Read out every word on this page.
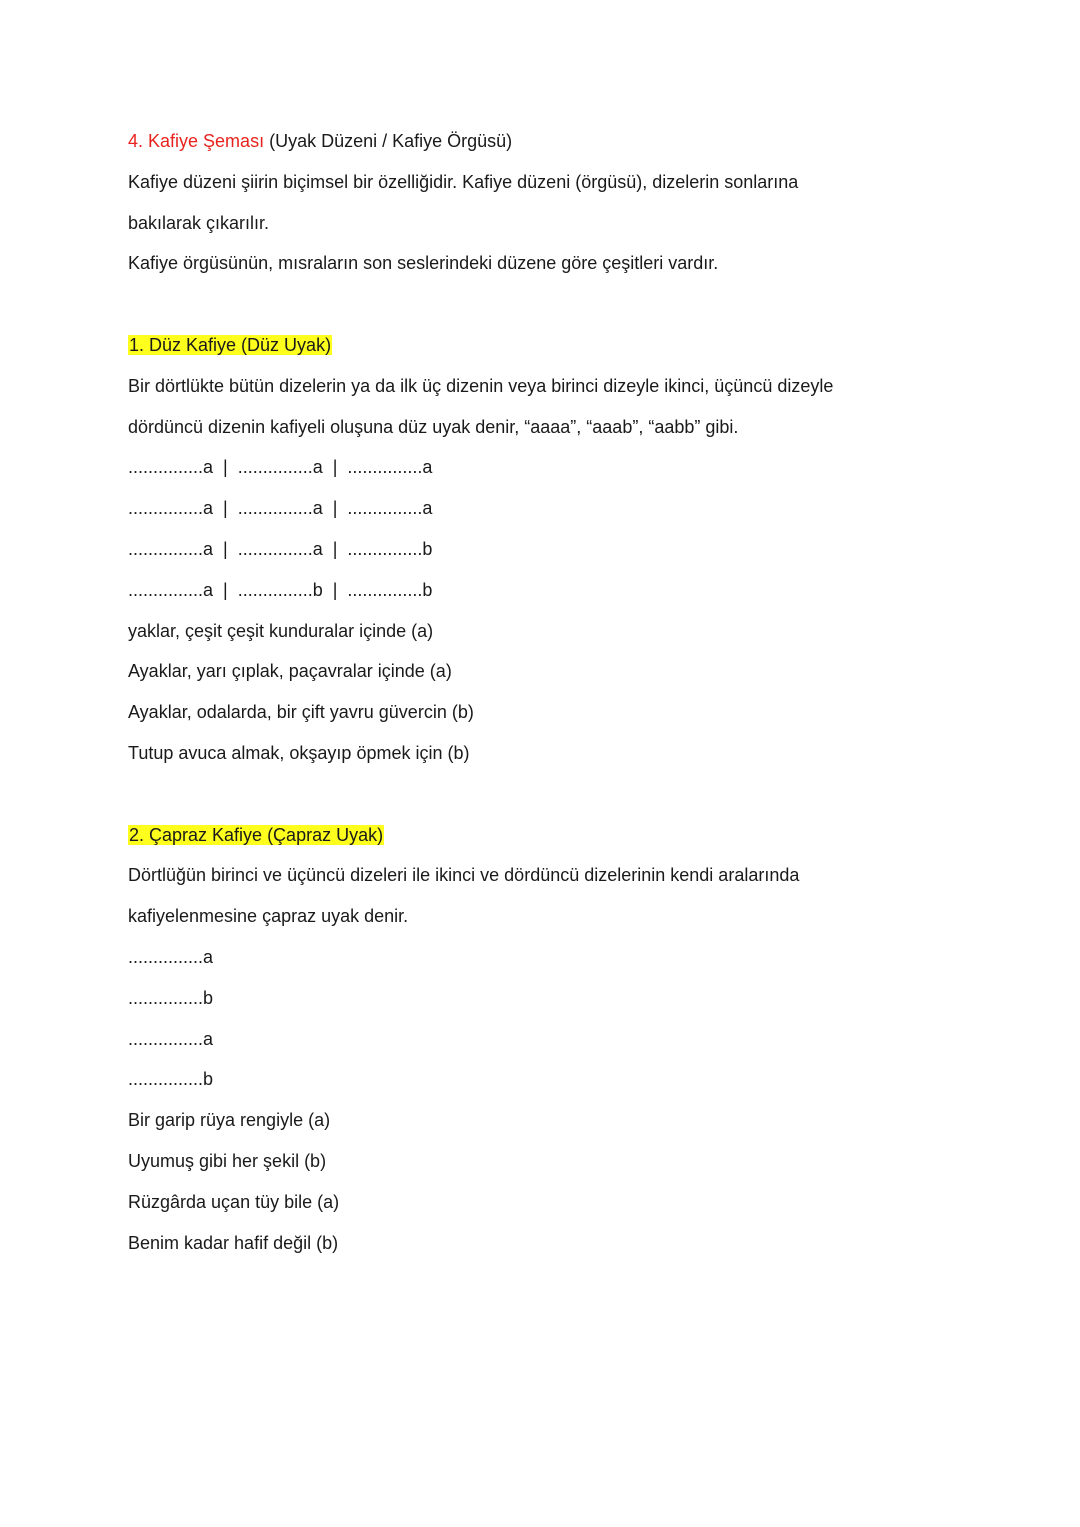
4. Kafiye Şeması (Uyak Düzeni / Kafiye Örgüsü)
Kafiye düzeni şiirin biçimsel bir özelliğidir. Kafiye düzeni (örgüsü), dizelerin sonlarına
bakılarak çıkarılır.
Kafiye örgüsünün, mısraların son seslerindeki düzene göre çeşitleri vardır.
1. Düz Kafiye (Düz Uyak)
Bir dörtlükte bütün dizelerin ya da ilk üç dizenin veya birinci dizeyle ikinci, üçüncü dizeyle
dördüncü dizenin kafiyeli oluşuna düz uyak denir, “aaaa”, “aaab”, “aabb” gibi.
...............a  |  ...............a  |  ...............a
...............a  |  ...............a  |  ...............a
...............a  |  ...............a  |  ...............b
...............a  |  ...............b  |  ...............b
yaklar, çeşit çeşit kunduralar içinde (a)
Ayaklar, yarı çıplak, paçavralar içinde (a)
Ayaklar, odalarda, bir çift yavru güvercin (b)
Tutup avuca almak, okşayıp öpmek için (b)
2. Çapraz Kafiye (Çapraz Uyak)
Dörtlüğün birinci ve üçüncü dizeleri ile ikinci ve dördüncü dizelerinin kendi aralarında
kafiyelenmesine çapraz uyak denir.
...............a
...............b
...............a
...............b
Bir garip rüya rengiyle (a)
Uyumuş gibi her şekil (b)
Rüzgârda uçan tüy bile (a)
Benim kadar hafif değil (b)
